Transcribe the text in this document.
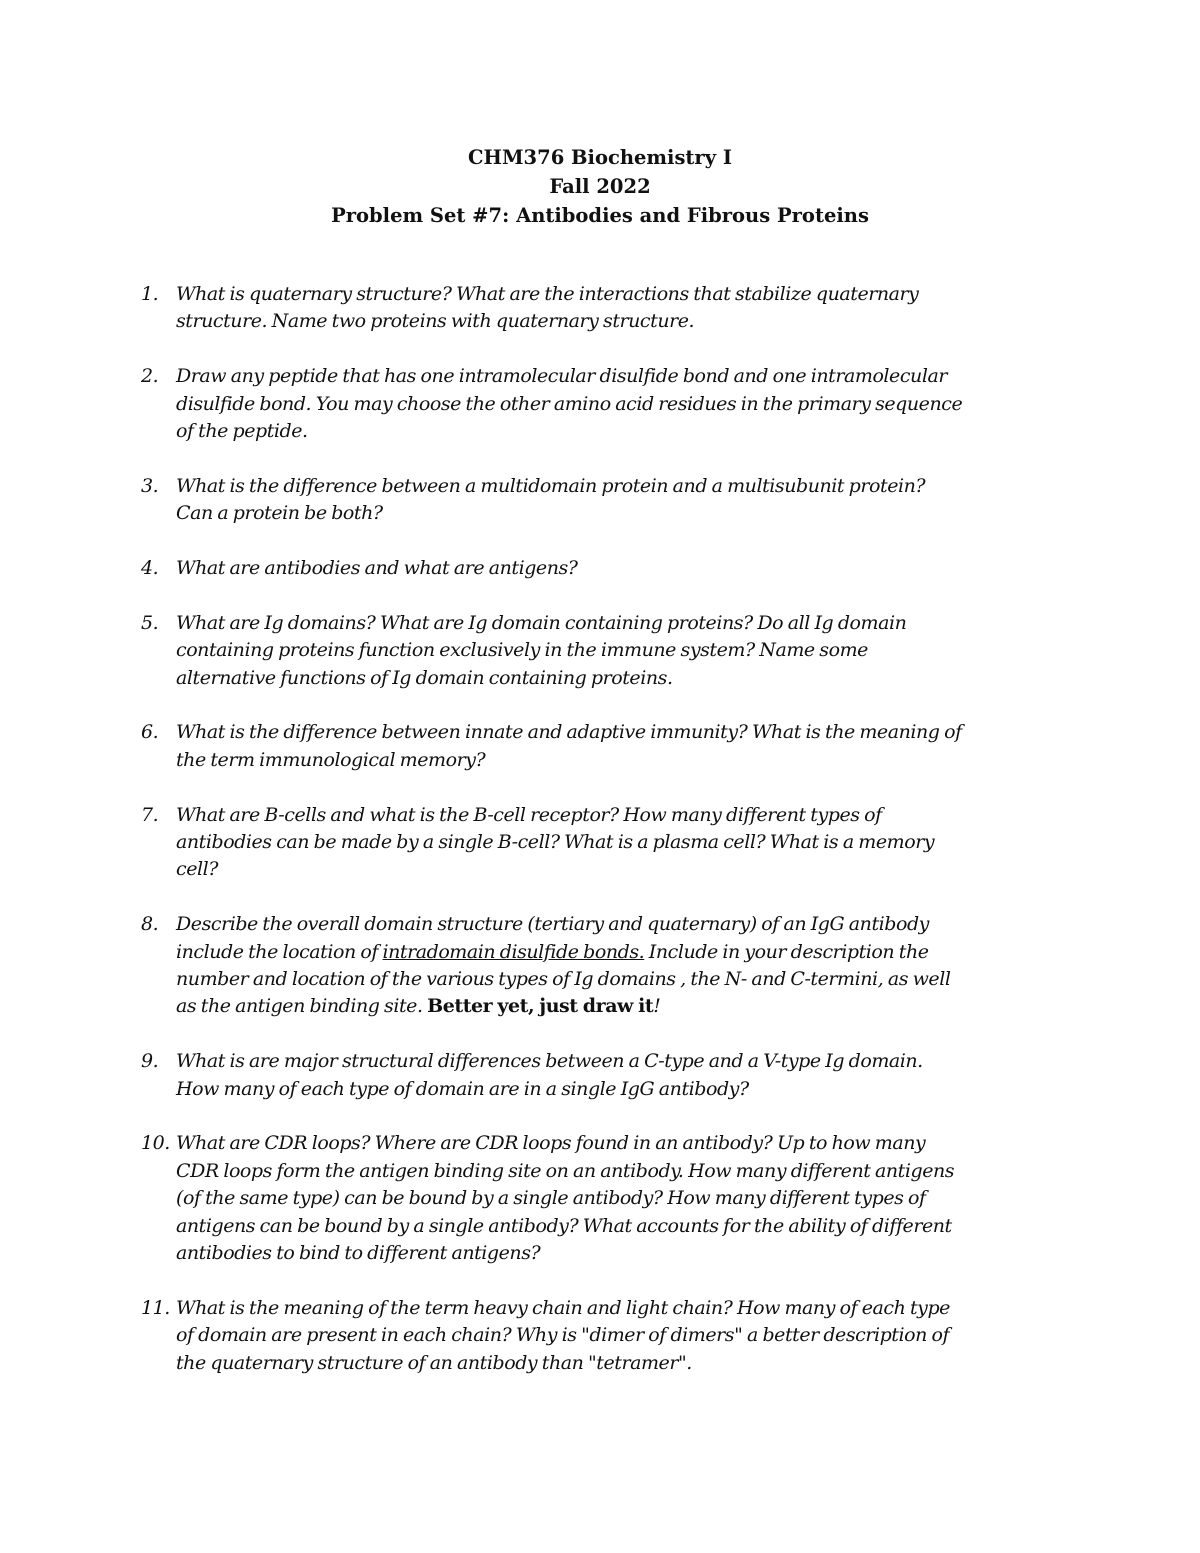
CHM376 Biochemistry I
Fall 2022
Problem Set #7: Antibodies and Fibrous Proteins
1. What is quaternary structure? What are the interactions that stabilize quaternary
structure. Name two proteins with quaternary structure.
2. Draw any peptide that has one intramolecular disulfide bond and one intramolecular
disulfide bond. You may choose the other amino acid residues in the primary sequence
of the peptide.
3. What is the difference between a multidomain protein and a multisubunit protein?
Can a protein be both?
4. What are antibodies and what are antigens?
5. What are Ig domains? What are Ig domain containing proteins? Do all Ig domain
containing proteins function exclusively in the immune system? Name some
alternative functions of Ig domain containing proteins.
6. What is the difference between innate and adaptive immunity? What is the meaning of
the term immunological memory?
7. What are B-cells and what is the B-cell receptor? How many different types of
antibodies can be made by a single B-cell? What is a plasma cell? What is a memory
cell?
8. Describe the overall domain structure (tertiary and quaternary) of an IgG antibody
include the location of intradomain disulfide bonds. Include in your description the
number and location of the various types of Ig domains , the N- and C-termini, as well
as the antigen binding site. Better yet, just draw it!
9. What is are major structural differences between a C-type and a V-type Ig domain.
How many of each type of domain are in a single IgG antibody?
10. What are CDR loops? Where are CDR loops found in an antibody? Up to how many
CDR loops form the antigen binding site on an antibody. How many different antigens
(of the same type) can be bound by a single antibody? How many different types of
antigens can be bound by a single antibody? What accounts for the ability of different
antibodies to bind to different antigens?
11. What is the meaning of the term heavy chain and light chain? How many of each type
of domain are present in each chain? Why is "dimer of dimers" a better description of
the quaternary structure of an antibody than "tetramer".
